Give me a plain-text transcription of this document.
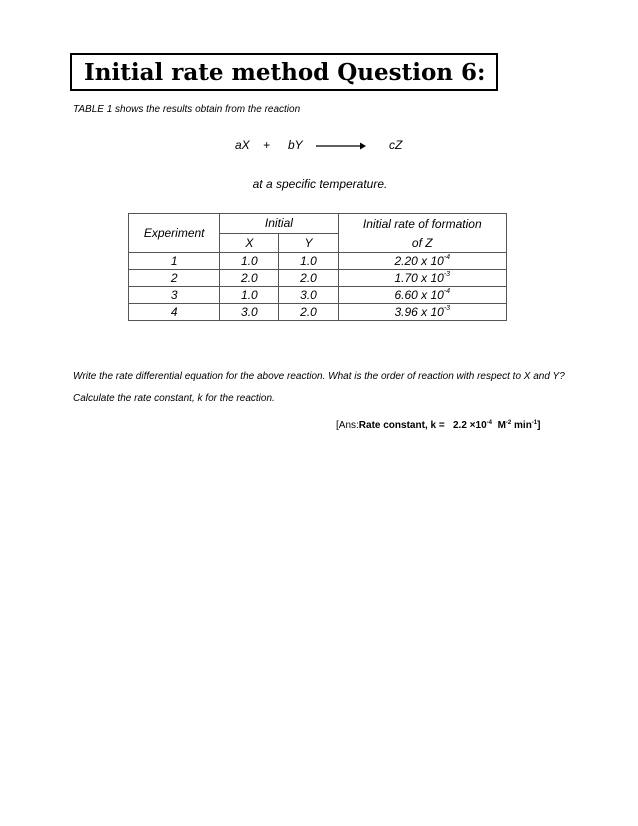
Initial rate method Question 6:
TABLE 1 shows the results obtain from the reaction
aX + bY	cZ
at a specific temperature.
Experiment	Initial		Initial rate of formation
of Z

	X	Y	
1	1.0	1.0	2.20 x $10^{-4}$
2	2.0	2.0	1.70 x $10^{-3}$
3	1.0	3.0	6.60 x $10^{-4}$
4	3.0	2.0	3.96 x $10^{-3}$
Write the rate differential equation for the above reaction. What is the order of reaction with respect to X and Y? Calculate the rate constant, k for the reaction.
[Ans:Rate constant, $k = 2.2 \times 10^{-4}$ $M^{-2}$ $\min^{-1}$]
